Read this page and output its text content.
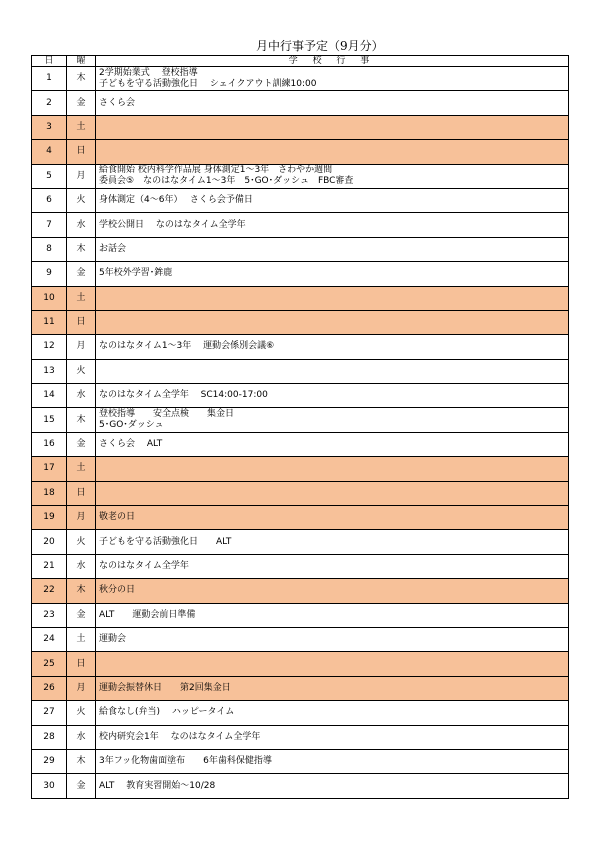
月中行事予定（9月分）
日	曜	学 校 行 事
1	木	2学期始業式　 登校指導
子どもを守る活動強化日　 シェイクアウト訓練10:00

2	金	さくら会

3	土	
4	日	
5	月	給食開始 校内科学作品展 身体測定1～3年　さわやか週間
委員会⑤　なのはなタイム1～3年　5･GO･ダッシュ　FBC審査

6	火	身体測定（4～6年）　 さくら会予備日

7	水	学校公開日　 なのはなタイム全学年

8	木	お話会

9	金	5年校外学習･鉾鹿

10	土	
11	日	
12	月	なのはなタイム1～3年　 運動会係別会議⑥

13	火	
14	水	なのはなタイム全学年　 SC14:00-17:00

15	木	登校指導　　安全点検　　集金日
5･GO･ダッシュ

16	金	さくら会　 ALT

17	土	
18	日	
19	月	敬老の日

20	火	子どもを守る活動強化日　　ALT

21	水	なのはなタイム全学年

22	木	秋分の日

23	金	ALT　　運動会前日準備

24	土	運動会

25	日	
26	月	運動会振替休日　　第2回集金日

27	火	給食なし(弁当)　 ハッピータイム

28	水	校内研究会1年　 なのはなタイム全学年

29	木	3年フッ化物歯面塗布　　6年歯科保健指導

30	金	ALT　 教育実習開始～10/28
